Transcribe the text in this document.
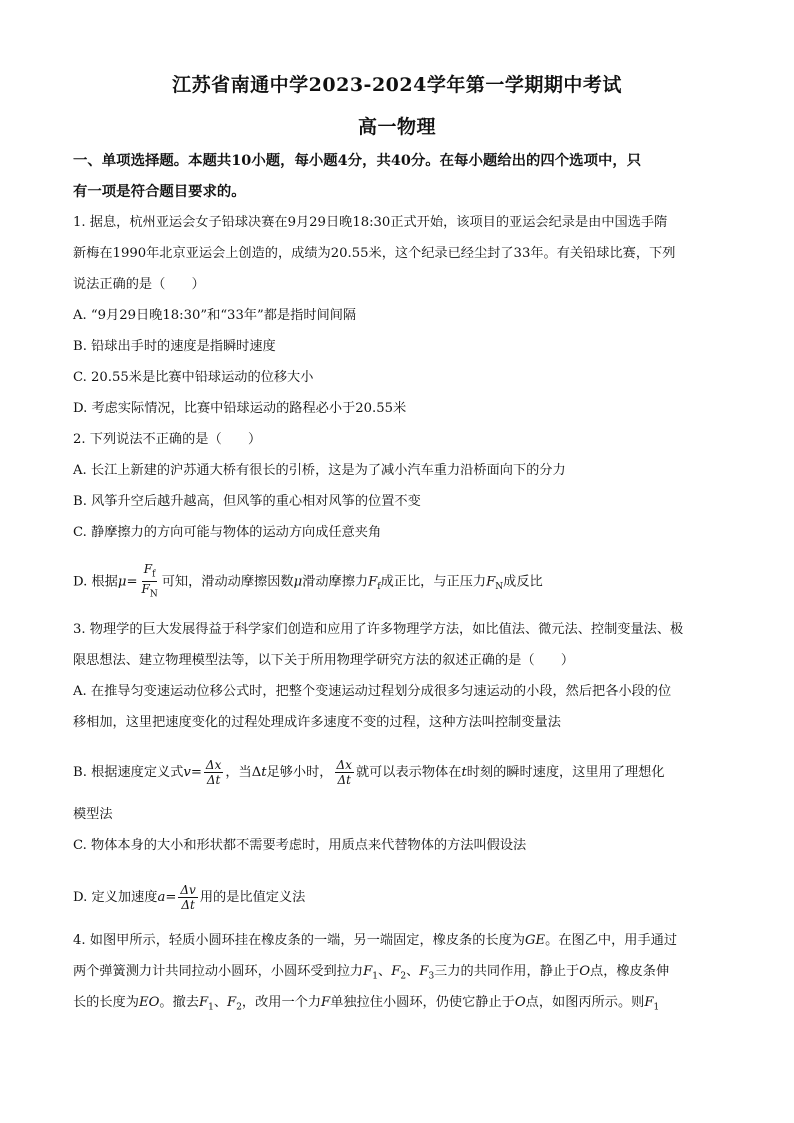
江苏省南通中学2023-2024学年第一学期期中考试
高一物理
一、单项选择题。本题共10小题，每小题4分，共40分。在每小题给出的四个选项中，只
有一项是符合题目要求的。
1. 据息，杭州亚运会女子铅球决赛在9月29日晚18:30正式开始，该项目的亚运会纪录是由中国选手隋
新梅在1990年北京亚运会上创造的，成绩为20.55米，这个纪录已经尘封了33年。有关铅球比赛，下列
说法正确的是（　　）
A. “9月29日晚18:30”和“33年”都是指时间间隔
B. 铅球出手时的速度是指瞬时速度
C. 20.55米是比赛中铅球运动的位移大小
D. 考虑实际情况，比赛中铅球运动的路程必小于20.55米
2. 下列说法不正确的是（　　）
A. 长江上新建的沪苏通大桥有很长的引桥，这是为了减小汽车重力沿桥面向下的分力
B. 风筝升空后越升越高，但风筝的重心相对风筝的位置不变
C. 静摩擦力的方向可能与物体的运动方向成任意夹角
D. 根据$\mu= \frac{F_f}{F_N}$ 可知，滑动动摩擦因数μ滑动摩擦力$F_f$成正比，与正压力$F_N$成反比
3. 物理学的巨大发展得益于科学家们创造和应用了许多物理学方法，如比值法、微元法、控制变量法、极
限思想法、建立物理模型法等，以下关于所用物理学研究方法的叙述正确的是（　　）
A. 在推导匀变速运动位移公式时，把整个变速运动过程划分成很多匀速运动的小段，然后把各小段的位
移相加，这里把速度变化的过程处理成许多速度不变的过程，这种方法叫控制变量法
B. 根据速度定义式$v= \frac{\Delta x}{\Delta t}$ ，当Δt足够小时， $\frac{\Delta x}{\Delta t}$ 就可以表示物体在t时刻的瞬时速度，这里用了理想化
模型法
C. 物体本身的大小和形状都不需要考虑时，用质点来代替物体的方法叫假设法
D. 定义加速度$a= \frac{\Delta v}{\Delta t}$ 用的是比值定义法
4. 如图甲所示，轻质小圆环挂在橡皮条的一端，另一端固定，橡皮条的长度为GE。在图乙中，用手通过
两个弹簧测力计共同拉动小圆环，小圆环受到拉力$F_1$、$F_2$、$F_3$三力的共同作用，静止于O点，橡皮条伸
长的长度为EO。撤去$F_1$、$F_2$，改用一个力F单独拉住小圆环，仍使它静止于O点，如图丙所示。则$F_1$
